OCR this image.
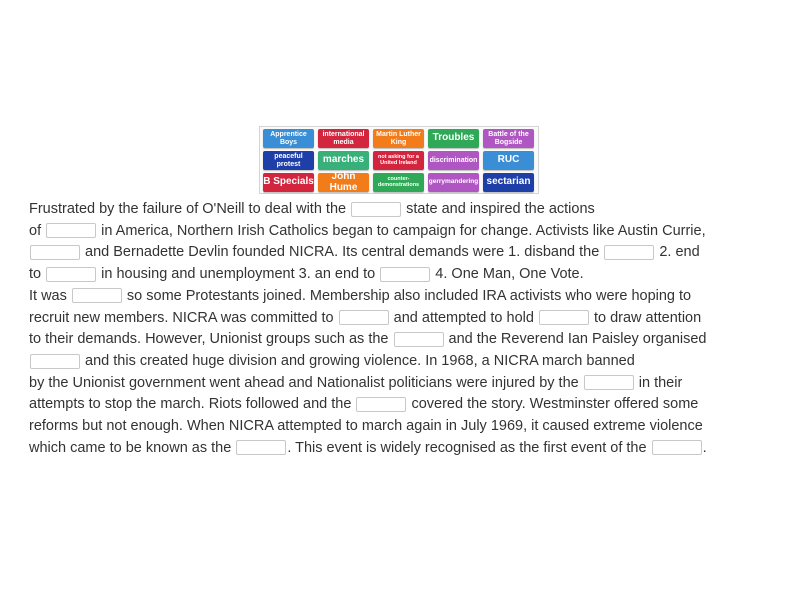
Apprentice Boys
international media
Martin Luther King	Troubles	Battle of the Bogside
peaceful protest	marches	not asking for a United Ireland	discrimination	RUC
B Specials	John Hume
counter-demonstrations	gerrymandering sectarian
Frustrated by the failure of O'Neill to deal with the	state and inspired the actions
of	in America, Northern Irish Catholics began to campaign for change. Activists like Austin Currie,
and Bernadette Devlin founded NICRA. Its central demands were 1. disband the	2. end
to	in housing and unemployment 3. an end to	4. One Man, One Vote.
It was	so some Protestants joined. Membership also included IRA activists who were hoping to
recruit new members. NICRA was committed to	and attempted to hold	to draw attention
to their demands. However, Unionist groups such as the	and the Reverend Ian Paisley organised
and this created huge division and growing violence. In 1968, a NICRA march banned
by the Unionist government went ahead and Nationalist politicians were injured by the	in their
attempts to stop the march. Riots followed and the	covered the story. Westminster offered some
reforms but not enough. When NICRA attempted to march again in July 1969, it caused extreme violence
which came to be known as the	. This event is widely recognised as the first event of the	.
